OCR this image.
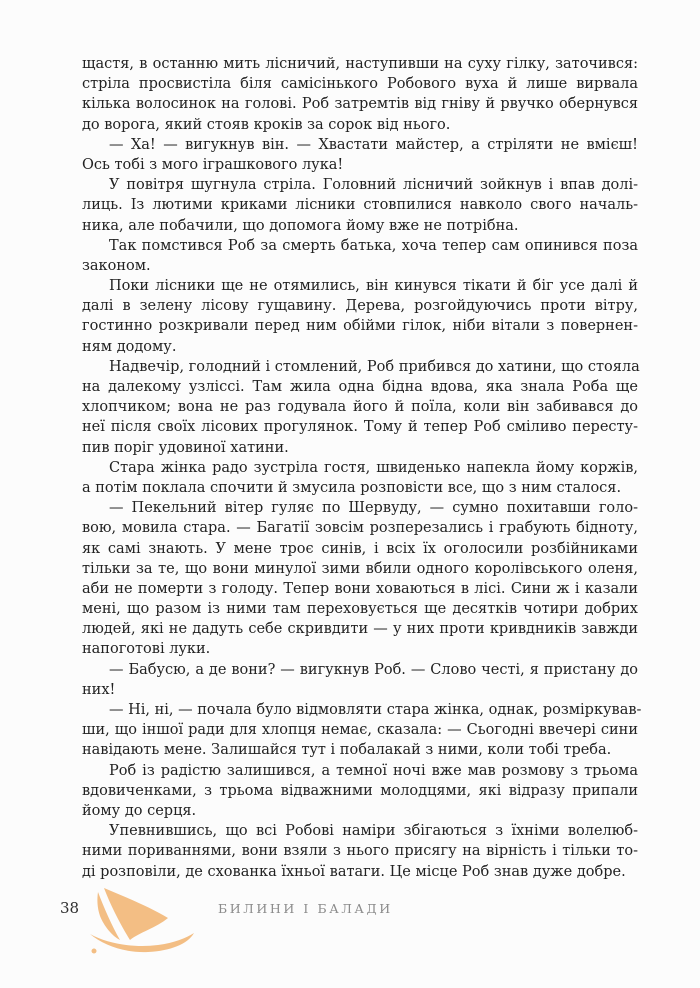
щастя, в останню мить лісничий, наступивши на суху гілку, заточився:
стріла просвистіла біля самісінького Робового вуха й лише вирвала
кілька волосинок на голові. Роб затремтів від гніву й рвучко обернувся
до ворога, який стояв кроків за сорок від нього.
— Ха! — вигукнув він. — Хвастати майстер, а стріляти не вмієш!
Ось тобі з мого іграшкового лука!
У повітря шугнула стріла. Головний лісничий зойкнув і впав долі-
лиць. Із лютими криками лісники стовпилися навколо свого началь-
ника, але побачили, що допомога йому вже не потрібна.
Так помстився Роб за смерть батька, хоча тепер сам опинився поза
законом.
Поки лісники ще не отямились, він кинувся тікати й біг усе далі й
далі в зелену лісову гущавину. Дерева, розгойдуючись проти вітру,
гостинно розкривали перед ним обійми гілок, ніби вітали з повернен-
ням додому.
Надвечір, голодний і стомлений, Роб прибився до хатини, що стояла
на далекому узліссі. Там жила одна бідна вдова, яка знала Роба ще
хлопчиком; вона не раз годувала його й поїла, коли він забивався до
неї після своїх лісових прогулянок. Тому й тепер Роб сміливо пересту-
пив поріг удовиної хатини.
Стара жінка радо зустріла гостя, швиденько напекла йому коржів,
а потім поклала спочити й змусила розповісти все, що з ним сталося.
— Пекельний вітер гуляє по Шервуду, — сумно похитавши голо-
вою, мовила стара. — Багатії зовсім розперезались і грабують бідноту,
як самі знають. У мене троє синів, і всіх їх оголосили розбійниками
тільки за те, що вони минулої зими вбили одного королівського оленя,
аби не померти з голоду. Тепер вони ховаються в лісі. Сини ж і казали
мені, що разом із ними там переховується ще десятків чотири добрих
людей, які не дадуть себе скривдити — у них проти кривдників завжди
напоготові луки.
— Бабусю, а де вони? — вигукнув Роб. — Слово честі, я пристану до
них!
— Ні, ні, — почала було відмовляти стара жінка, однак, розміркував-
ши, що іншої ради для хлопця немає, сказала: — Сьогодні ввечері сини
навідають мене. Залишайся тут і побалакай з ними, коли тобі треба.
Роб із радістю залишився, а темної ночі вже мав розмову з трьома
вдовиченками, з трьома відважними молодцями, які відразу припали
йому до серця.
Упевнившись, що всі Робові наміри збігаються з їхніми волелюб-
ними пориваннями, вони взяли з нього присягу на вірність і тільки то-
ді розповіли, де схованка їхньої ватаги. Це місце Роб знав дуже добре.
38	БИЛИНИ І БАЛАДИ
